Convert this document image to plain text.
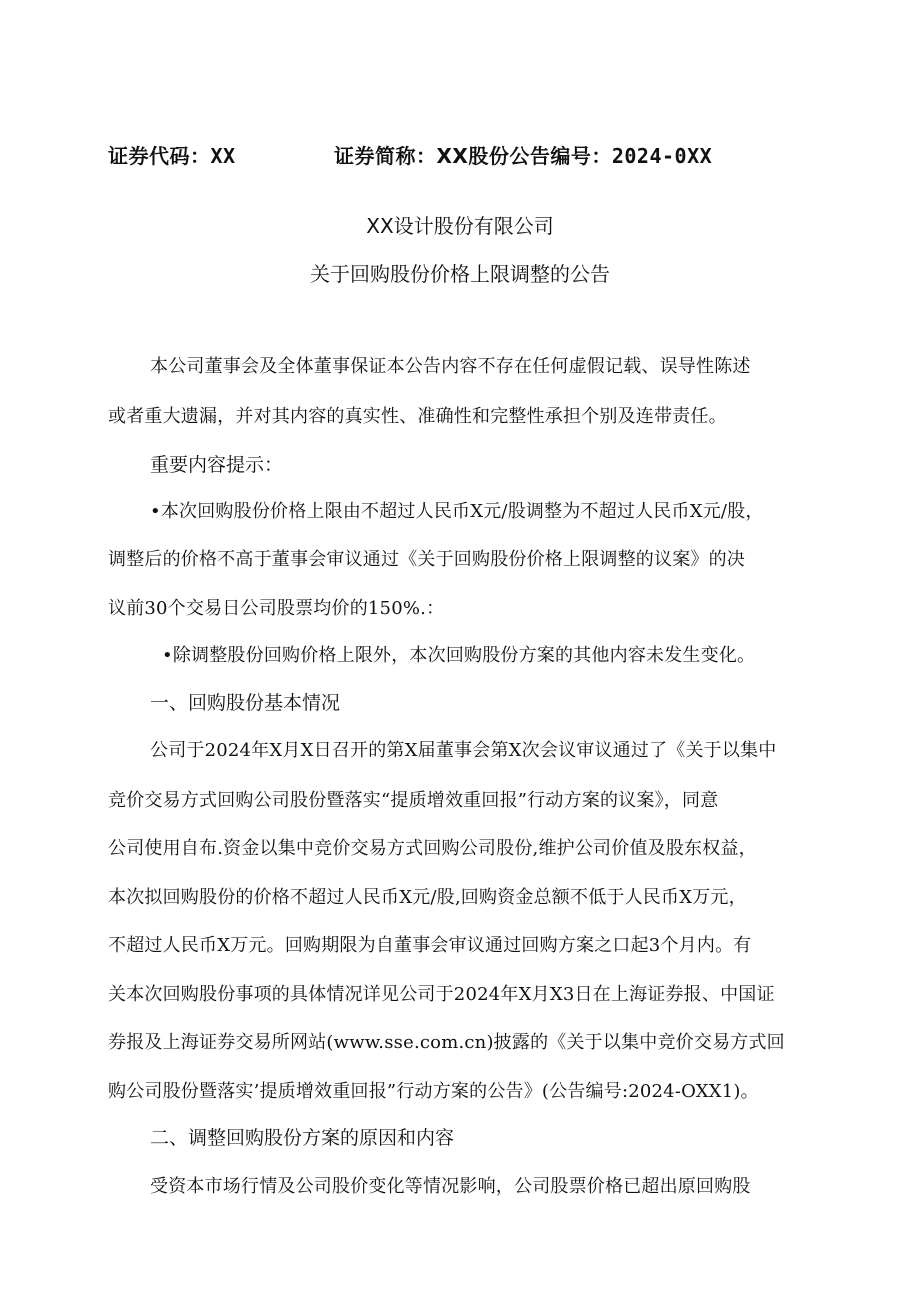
证券代码：XX	证券简称：XX股份公告编号：2024-0XX
XX设计股份有限公司
关于回购股份价格上限调整的公告
本公司董事会及全体董事保证本公告内容不存在任何虚假记载、误导性陈述
或者重大遗漏，并对其内容的真实性、准确性和完整性承担个别及连带责任。
重要内容提示：
•本次回购股份价格上限由不超过人民币X元/股调整为不超过人民币X元/股，
调整后的价格不高于董事会审议通过《关于回购股份价格上限调整的议案》的决
议前30个交易日公司股票均价的150%.：
•除调整股份回购价格上限外，本次回购股份方案的其他内容未发生变化。
一、回购股份基本情况
公司于2024年X月X日召开的第X届董事会第X次会议审议通过了《关于以集中
竞价交易方式回购公司股份暨落实“提质增效重回报”行动方案的议案》，同意
公司使用自布.资金以集中竞价交易方式回购公司股份,维护公司价值及股东权益，
本次拟回购股份的价格不超过人民币X元/股,回购资金总额不低于人民币X万元，
不超过人民币X万元。回购期限为自董事会审议通过回购方案之口起3个月内。有
关本次回购股份事项的具体情况详见公司于2024年X月X3日在上海证券报、中国证
券报及上海证券交易所网站(www.sse.com.cn)披露的《关于以集中竞价交易方式回
购公司股份暨落实’提质增效重回报”行动方案的公告》(公告编号:2024-OXX1)。
二、调整回购股份方案的原因和内容
受资本市场行情及公司股价变化等情况影响，公司股票价格已超出原回购股
